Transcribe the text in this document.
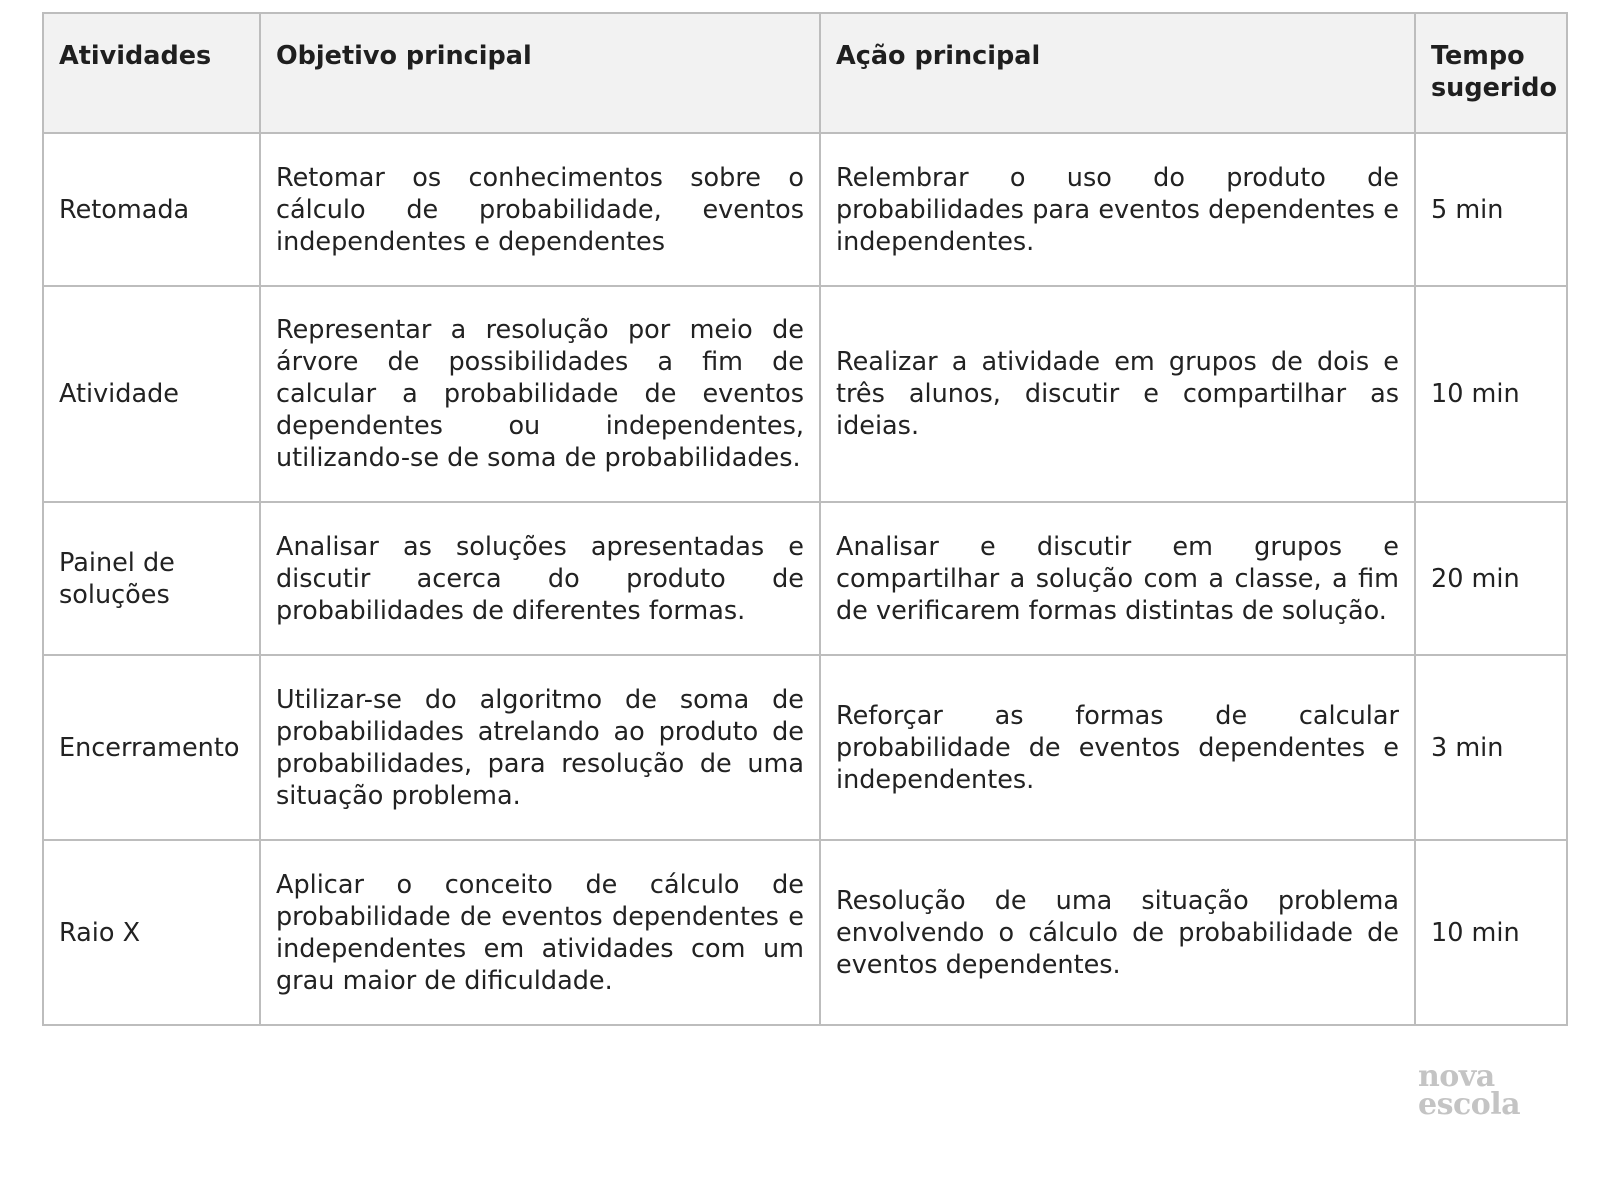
Atividades	Objetivo principal	Ação principal	Tempo sugerido
Retomada	Retomar os conhecimentos sobre o cálculo de probabilidade, eventos independentes e dependentes	Relembrar o uso do produto de probabilidades para eventos dependentes e independentes.	5 min
Atividade	Representar a resolução por meio de árvore de possibilidades a fim de calcular a probabilidade de eventos dependentes ou independentes, utilizando-se de soma de probabilidades.	Realizar a atividade em grupos de dois e três alunos, discutir e compartilhar as ideias.	10 min
Painel de soluções	Analisar as soluções apresentadas e discutir acerca do produto de probabilidades de diferentes formas.	Analisar e discutir em grupos e compartilhar a solução com a classe, a fim de verificarem formas distintas de solução.	20 min
Encerramento	Utilizar-se do algoritmo de soma de probabilidades atrelando ao produto de probabilidades, para resolução de uma situação problema.	Reforçar as formas de calcular probabilidade de eventos dependentes e independentes.	3 min
Raio X	Aplicar o conceito de cálculo de probabilidade de eventos dependentes e independentes em atividades com um grau maior de dificuldade.	Resolução de uma situação problema envolvendo o cálculo de probabilidade de eventos dependentes.	10 min
nova
escola
